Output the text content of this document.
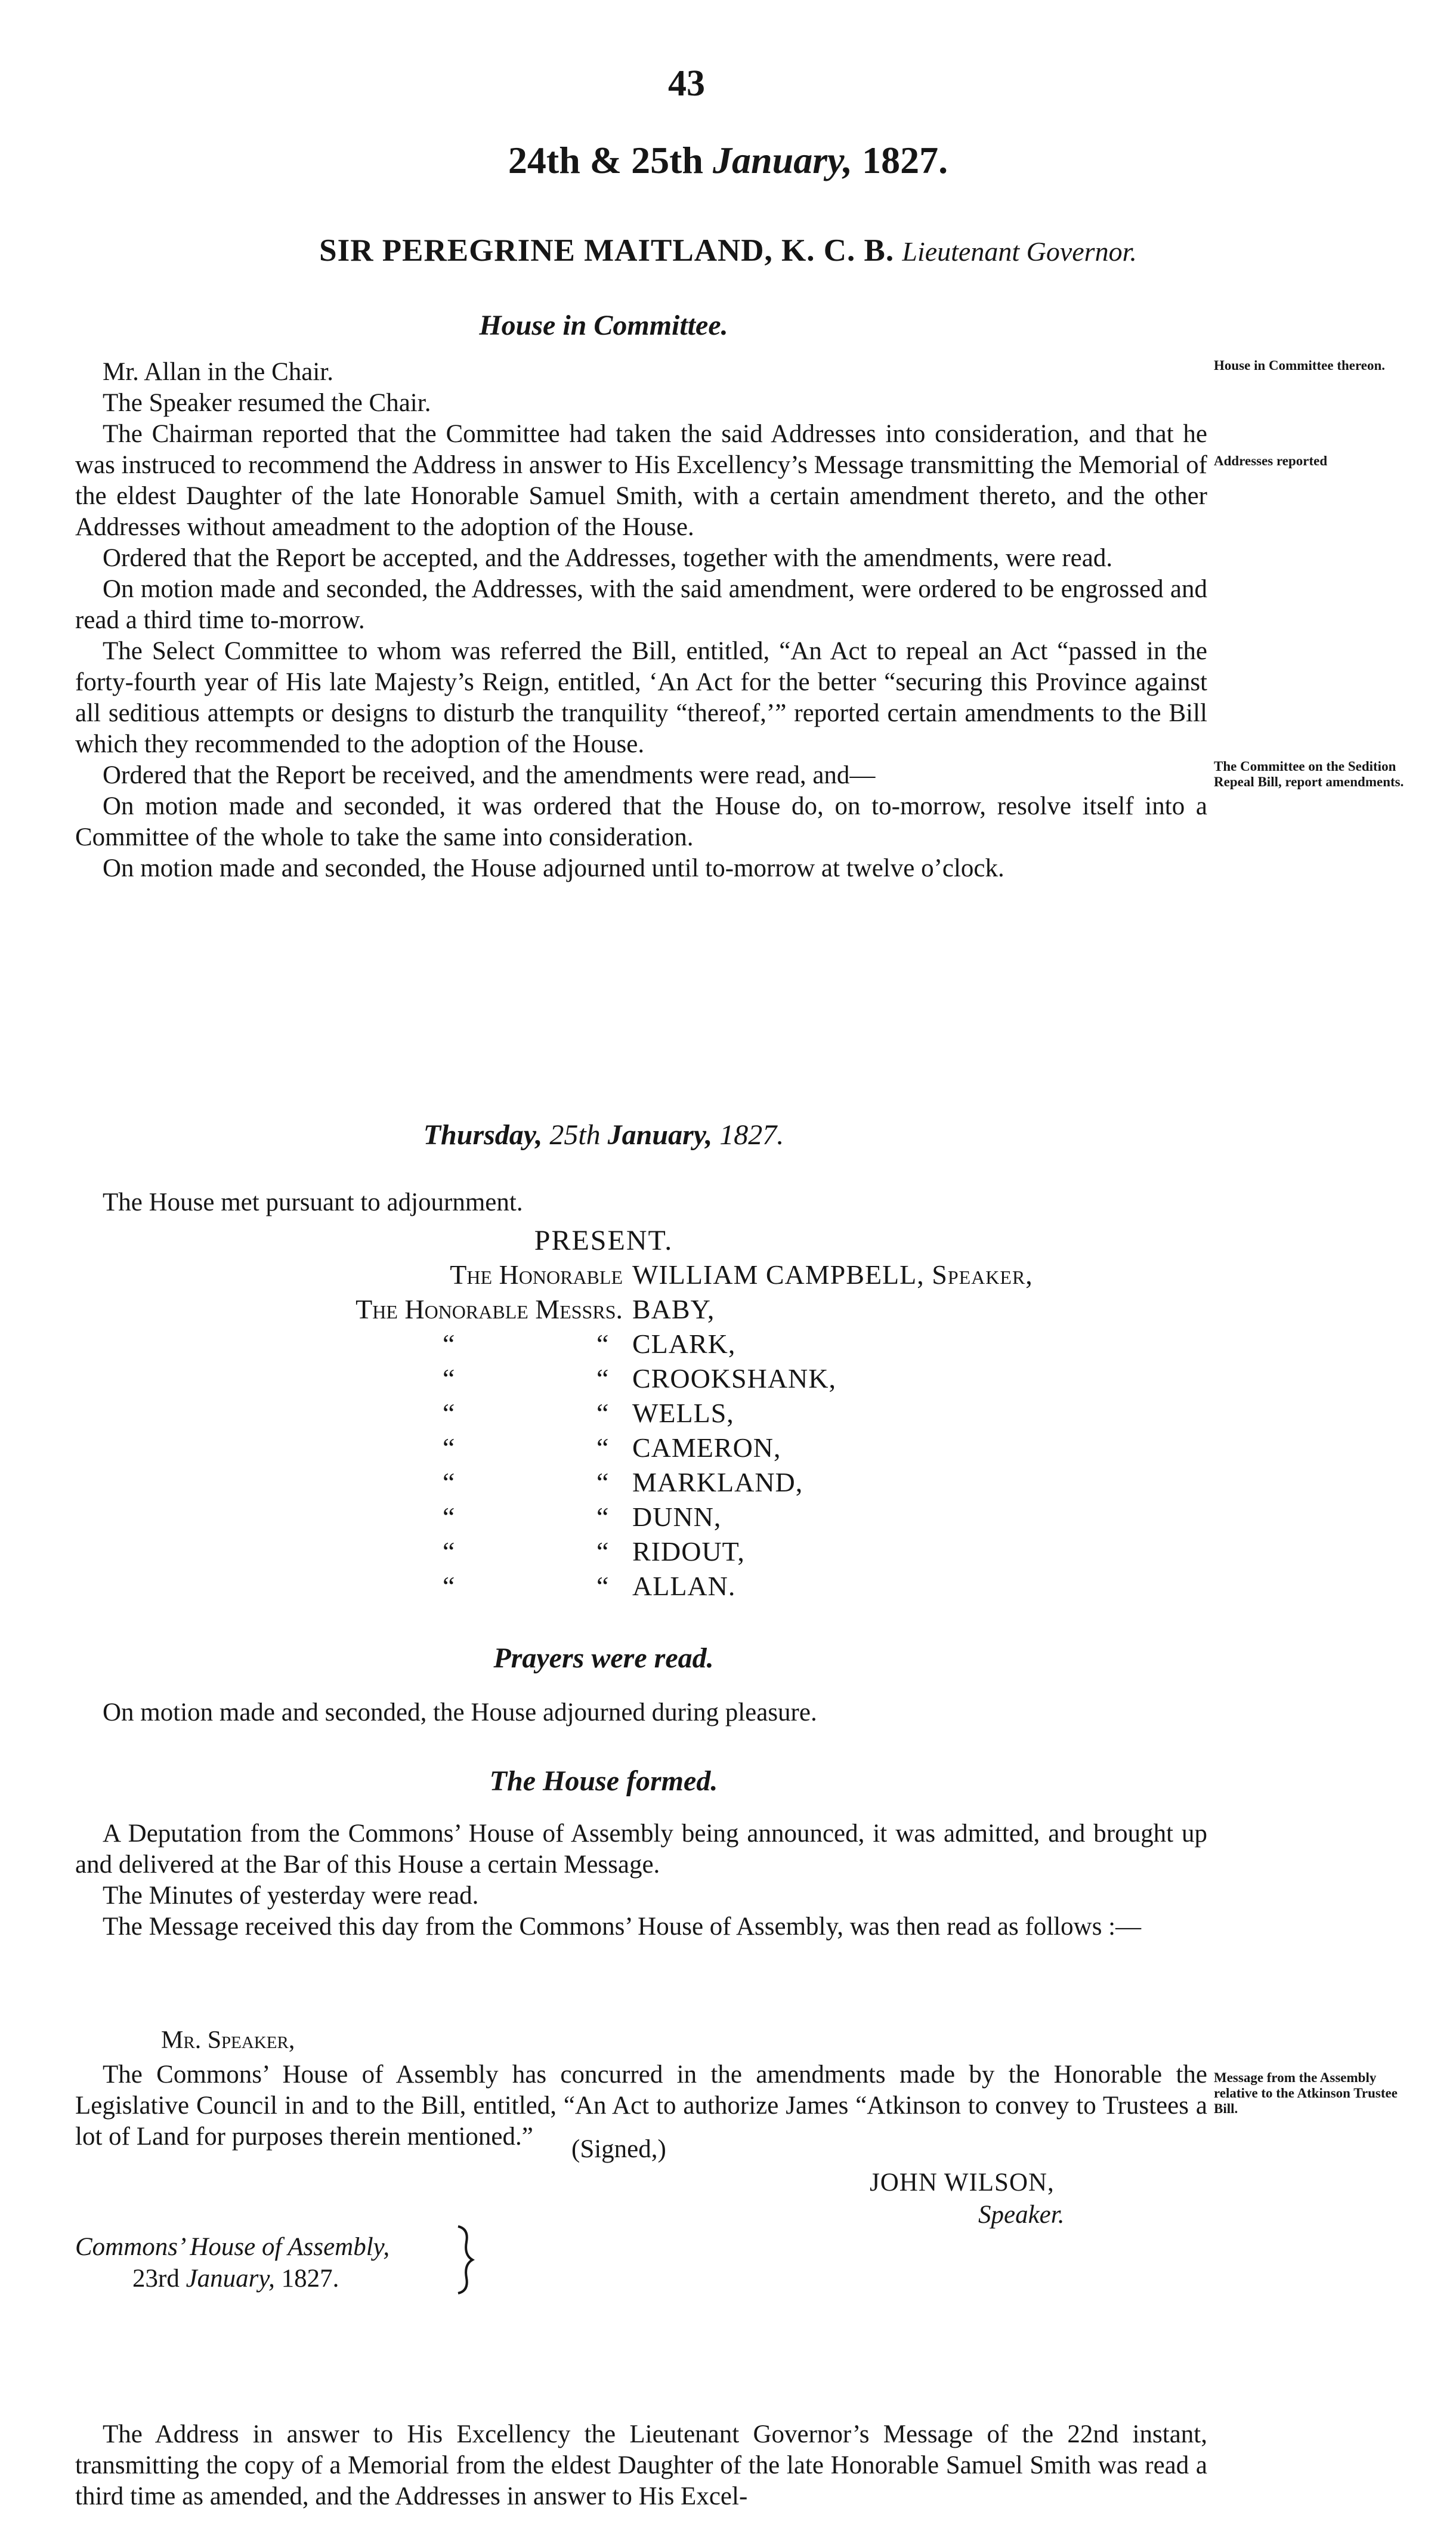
43
24th & 25th January, 1827.
SIR PEREGRINE MAITLAND, K. C. B. Lieutenant Governor.
House in Committee.

Mr. Allan in the Chair.

The Speaker resumed the Chair.

The Chairman reported that the Committee had taken the said Addresses into consideration, and that he was instruced to recommend the Address in answer to His Excellency’s Message transmitting the Memorial of the eldest Daughter of the late Honorable Samuel Smith, with a certain amendment thereto, and the other Addresses without ameadment to the adoption of the House.

Ordered that the Report be accepted, and the Addresses, together with the amendments, were read.

On motion made and seconded, the Addresses, with the said amendment, were ordered to be engrossed and read a third time to-morrow.

The Select Committee to whom was referred the Bill, entitled, “An Act to repeal an Act “passed in the forty-fourth year of His late Majesty’s Reign, entitled, ‘An Act for the better “securing this Province against all seditious attempts or designs to disturb the tranquility “thereof,’” reported certain amendments to the Bill which they recommended to the adoption of the House.

Ordered that the Report be received, and the amendments were read, and—

On motion made and seconded, it was ordered that the House do, on to-morrow, resolve itself into a Committee of the whole to take the same into consideration.

On motion made and seconded, the House adjourned until to-morrow at twelve o’clock.

House in Committee thereon.
Addresses reported
The Committee on the Sedition Repeal Bill, report amendments.
Thursday, 25th January, 1827.

The House met pursuant to adjournment.

PRESENT.
The Honorable WILLIAM CAMPBELL, Speaker,
The Honorable Messrs. BABY,
“	“ CLARK,
“	“ CROOKSHANK,
“	“ WELLS,
“	“ CAMERON,
“	“ MARKLAND,
“	“ DUNN,
“	“ RIDOUT,
“	“ ALLAN.
Prayers were read.

On motion made and seconded, the House adjourned during pleasure.

The House formed.

A Deputation from the Commons’ House of Assembly being announced, it was admitted, and brought up and delivered at the Bar of this House a certain Message.

The Minutes of yesterday were read.

The Message received this day from the Commons’ House of Assembly, was then read as follows :—

Mr. Speaker,

The Commons’ House of Assembly has concurred in the amendments made by the Honorable the Legislative Council in and to the Bill, entitled, “An Act to authorize James “Atkinson to convey to Trustees a lot of Land for purposes therein mentioned.”

Message from the Assembly relative to the Atkinson Trustee Bill.
(Signed,)
JOHN WILSON,
Speaker.
Commons’ House of Assembly,
23rd January, 1827.

The Address in answer to His Excellency the Lieutenant Governor’s Message of the 22nd instant, transmitting the copy of a Memorial from the eldest Daughter of the late Honorable Samuel Smith was read a third time as amended, and the Addresses in answer to His Excel-
